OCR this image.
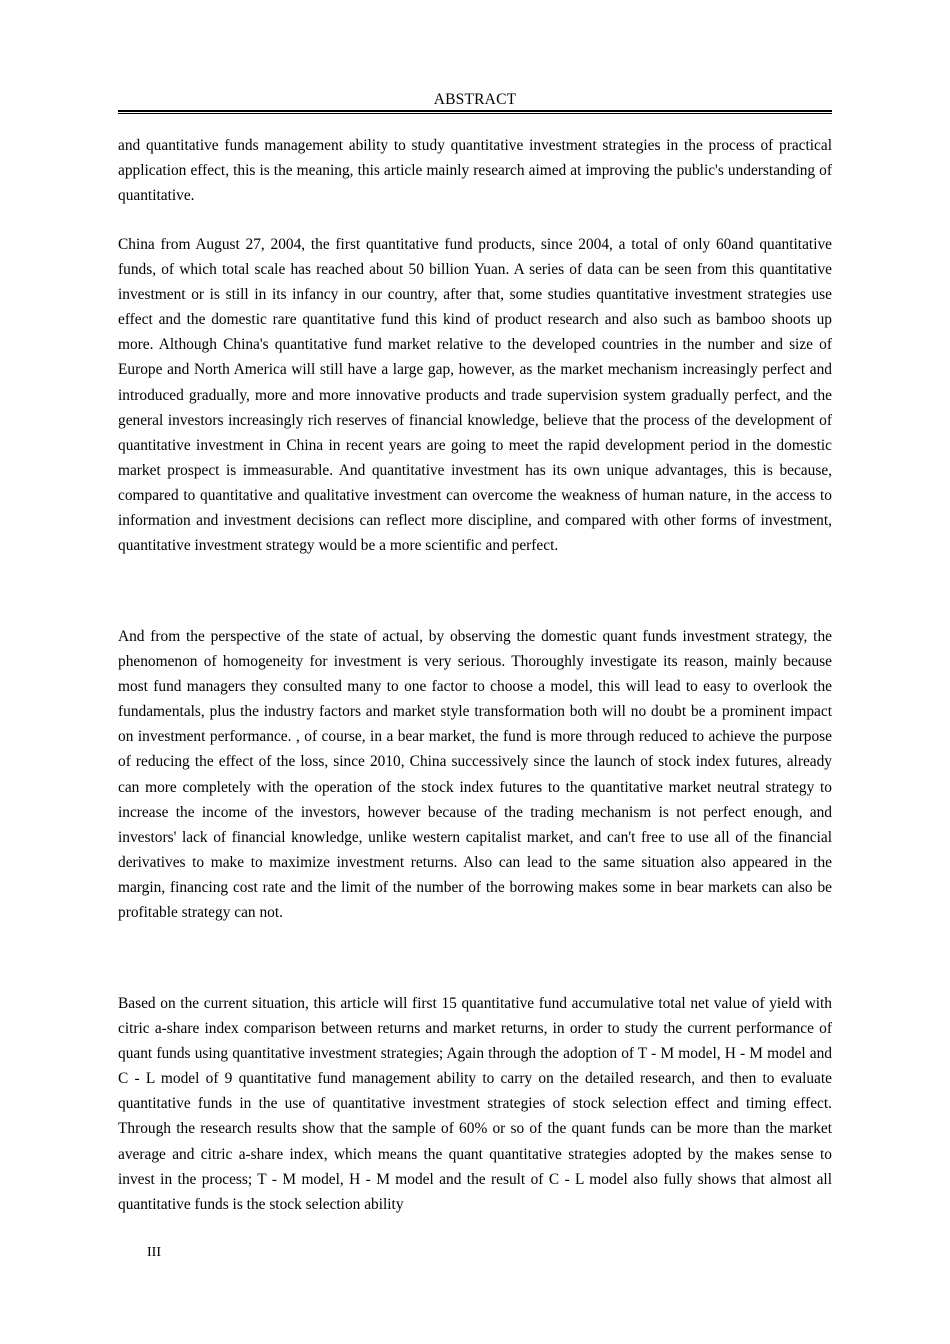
ABSTRACT

and quantitative funds management ability to study quantitative investment strategies in the process of practical application effect, this is the meaning, this article mainly research aimed at improving the public's understanding of quantitative.

China from August 27, 2004, the first quantitative fund products, since 2004, a total of only 60and quantitative funds, of which total scale has reached about 50 billion Yuan. A series of data can be seen from this quantitative investment or is still in its infancy in our country, after that, some studies quantitative investment strategies use effect and the domestic rare quantitative fund this kind of product research and also such as bamboo shoots up more. Although China's quantitative fund market relative to the developed countries in the number and size of Europe and North America will still have a large gap, however, as the market mechanism increasingly perfect and introduced gradually, more and more innovative products and trade supervision system gradually perfect, and the general investors increasingly rich reserves of financial knowledge, believe that the process of the development of quantitative investment in China in recent years are going to meet the rapid development period in the domestic market prospect is immeasurable. And quantitative investment has its own unique advantages, this is because, compared to quantitative and qualitative investment can overcome the weakness of human nature, in the access to information and investment decisions can reflect more discipline, and compared with other forms of investment, quantitative investment strategy would be a more scientific and perfect.

And from the perspective of the state of actual, by observing the domestic quant funds investment strategy, the phenomenon of homogeneity for investment is very serious. Thoroughly investigate its reason, mainly because most fund managers they consulted many to one factor to choose a model, this will lead to easy to overlook the fundamentals, plus the industry factors and market style transformation both will no doubt be a prominent impact on investment performance. , of course, in a bear market, the fund is more through reduced to achieve the purpose of reducing the effect of the loss, since 2010, China successively since the launch of stock index futures, already can more completely with the operation of the stock index futures to the quantitative market neutral strategy to increase the income of the investors, however because of the trading mechanism is not perfect enough, and investors' lack of financial knowledge, unlike western capitalist market, and can't free to use all of the financial derivatives to make to maximize investment returns. Also can lead to the same situation also appeared in the margin, financing cost rate and the limit of the number of the borrowing makes some in bear markets can also be profitable strategy can not.

Based on the current situation, this article will first 15 quantitative fund accumulative total net value of yield with citric a-share index comparison between returns and market returns, in order to study the current performance of quant funds using quantitative investment strategies; Again through the adoption of T - M model, H - M model and C - L model of 9 quantitative fund management ability to carry on the detailed research, and then to evaluate quantitative funds in the use of quantitative investment strategies of stock selection effect and timing effect. Through the research results show that the sample of 60% or so of the quant funds can be more than the market average and citric a-share index, which means the quant quantitative strategies adopted by the makes sense to invest in the process; T - M model, H - M model and the result of C - L model also fully shows that almost all quantitative funds is the stock selection ability

III
